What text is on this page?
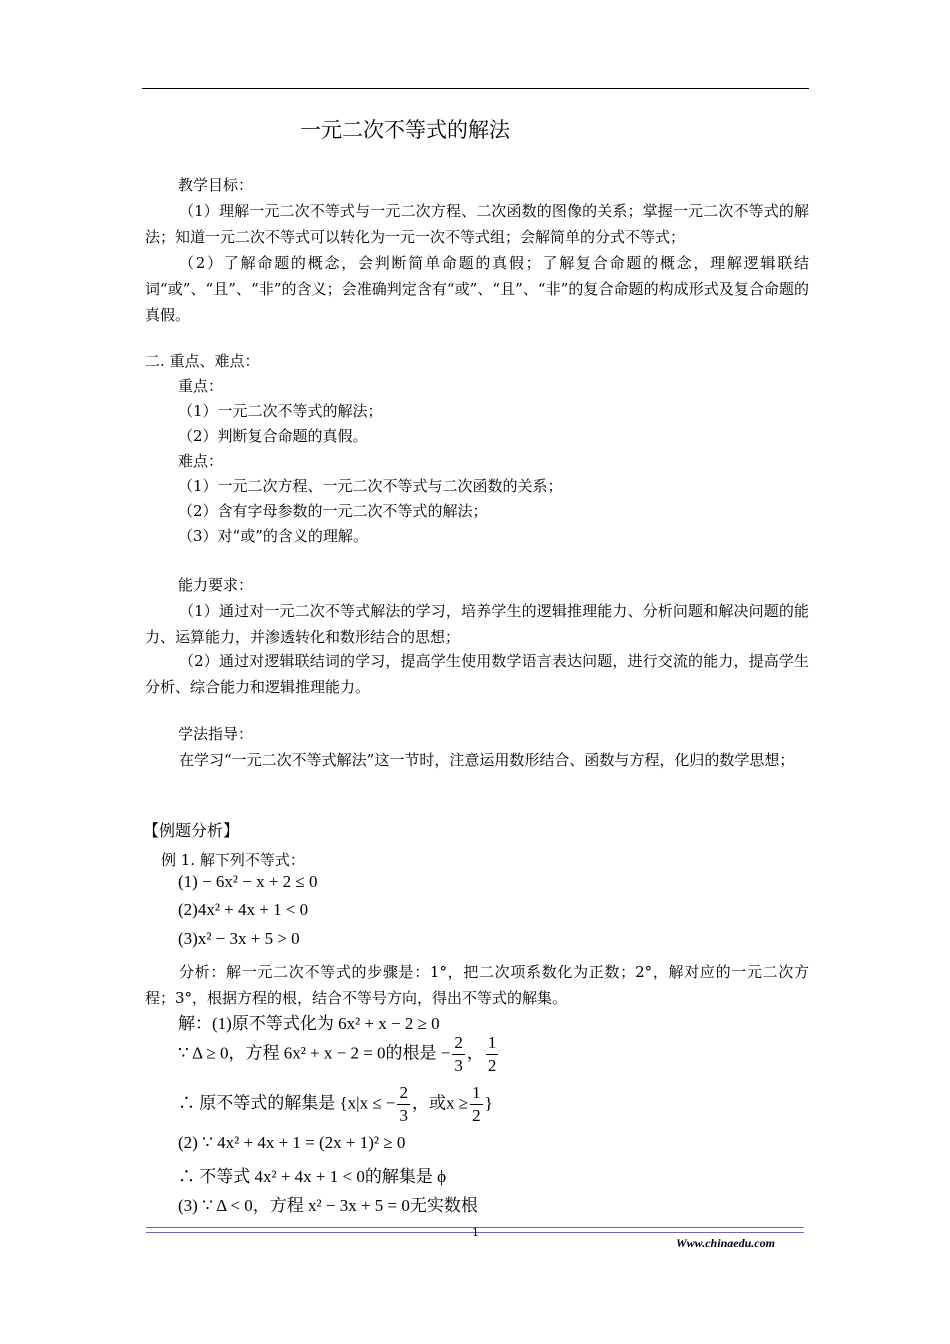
一元二次不等式的解法
教学目标：
（1）理解一元二次不等式与一元二次方程、二次函数的图像的关系；掌握一元二次不等式的解法；知道一元二次不等式可以转化为一元一次不等式组；会解简单的分式不等式；
（2）了解命题的概念，会判断简单命题的真假；了解复合命题的概念，理解逻辑联结词“或”、“且”、“非”的含义；会准确判定含有“或”、“且”、“非”的复合命题的构成形式及复合命题的真假。
二. 重点、难点：
重点：
（1）一元二次不等式的解法；
（2）判断复合命题的真假。
难点：
（1）一元二次方程、一元二次不等式与二次函数的关系；
（2）含有字母参数的一元二次不等式的解法；
（3）对“或”的含义的理解。
能力要求：
（1）通过对一元二次不等式解法的学习，培养学生的逻辑推理能力、分析问题和解决问题的能力、运算能力，并渗透转化和数形结合的思想；
（2）通过对逻辑联结词的学习，提高学生使用数学语言表达问题，进行交流的能力，提高学生分析、综合能力和逻辑推理能力。
学法指导：
在学习“一元二次不等式解法”这一节时，注意运用数形结合、函数与方程，化归的数学思想；
【例题分析】
例 1. 解下列不等式：
(1) − 6x² − x + 2 ≤ 0
(2)4x² + 4x + 1 < 0
(3)x² − 3x + 5 > 0
分析：解一元二次不等式的步骤是：1°，把二次项系数化为正数；2°，解对应的一元二次方程；3°，根据方程的根，结合不等号方向，得出不等式的解集。
解：(1)原不等式化为 6x² + x − 2 ≥ 0
∵ Δ ≥ 0，方程 6x² + x − 2 = 0的根是 − $\frac{2}{3}$ ， $\frac{1}{2}$
∴ 原不等式的解集是 {x|x ≤ − $\frac{2}{3}$ ，或$x \ge \frac{1}{2}$ }
(2) ∵ 4x² + 4x + 1 = (2x + 1)² ≥ 0
∴ 不等式 4x² + 4x + 1 < 0的解集是 ϕ
(3) ∵ Δ < 0，方程 x² − 3x + 5 = 0无实数根
1
Www.chinaedu.com
